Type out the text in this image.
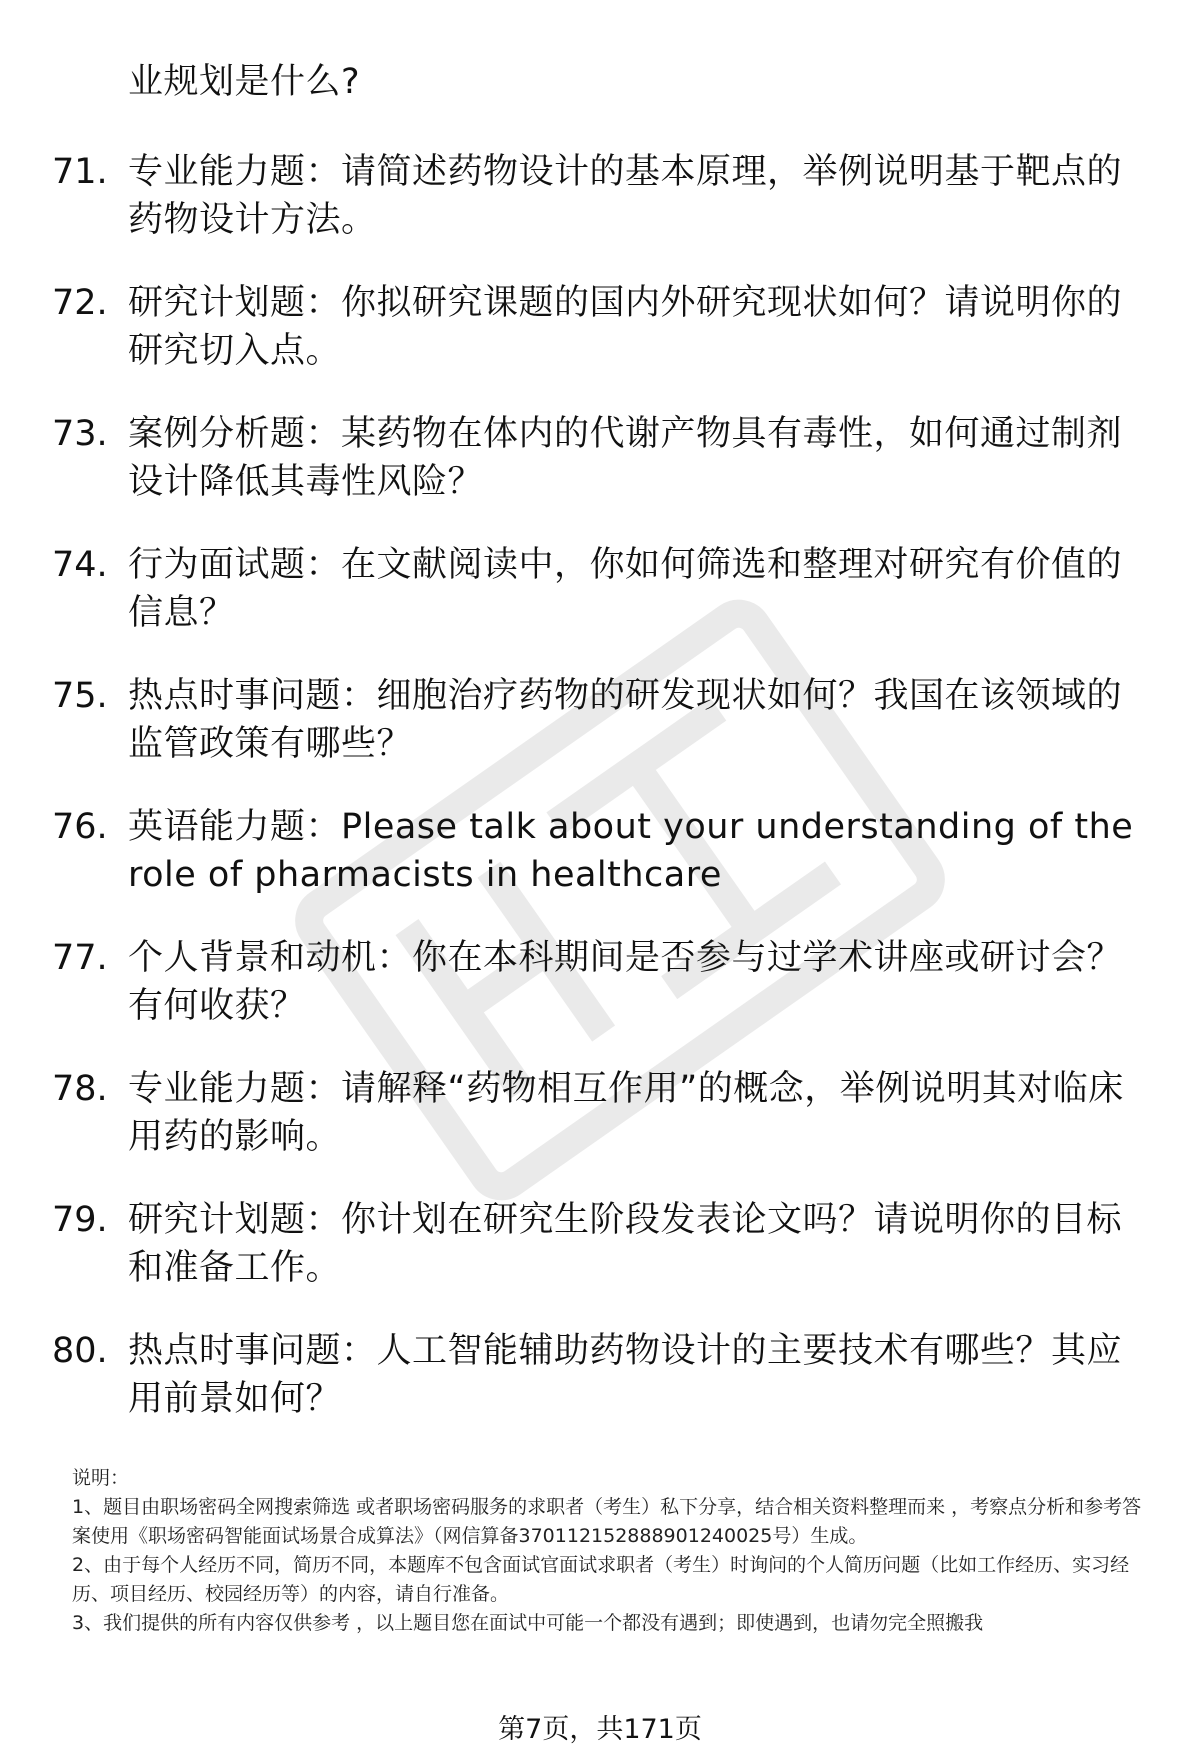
业规划是什么?
71. 专业能力题：请简述药物设计的基本原理，举例说明基于靶点的药物设计方法。
72. 研究计划题：你拟研究课题的国内外研究现状如何？请说明你的研究切入点。
73. 案例分析题：某药物在体内的代谢产物具有毒性，如何通过制剂设计降低其毒性风险？
74. 行为面试题：在文献阅读中，你如何筛选和整理对研究有价值的信息？
75. 热点时事问题：细胞治疗药物的研发现状如何？我国在该领域的监管政策有哪些？
76. 英语能力题：Please talk about your understanding of the role of pharmacists in healthcare
77. 个人背景和动机：你在本科期间是否参与过学术讲座或研讨会？有何收获？
78. 专业能力题：请解释“药物相互作用”的概念，举例说明其对临床用药的影响。
79. 研究计划题：你计划在研究生阶段发表论文吗？请说明你的目标和准备工作。
80. 热点时事问题：人工智能辅助药物设计的主要技术有哪些？其应用前景如何？

说明：

1、题目由职场密码全网搜索筛选 或者职场密码服务的求职者（考生）私下分享，结合相关资料整理而来 ，考察点分析和参考答案使用《职场密码智能面试场景合成算法》（网信算备37011215288890124​0025号）生成。

2、由于每个人经历不同，简历不同，本题库不包含面试官面试求职者（考生）时询问的个人简历问题（比如工作经历、实习经历、项目经历、校园经历等）的内容，请自行准备。

3、我们提供的所有内容仅供参考 ，以上题目您在面试中可能一个都没有遇到；即使遇到，也请勿完全照搬我

第7页，共171页
